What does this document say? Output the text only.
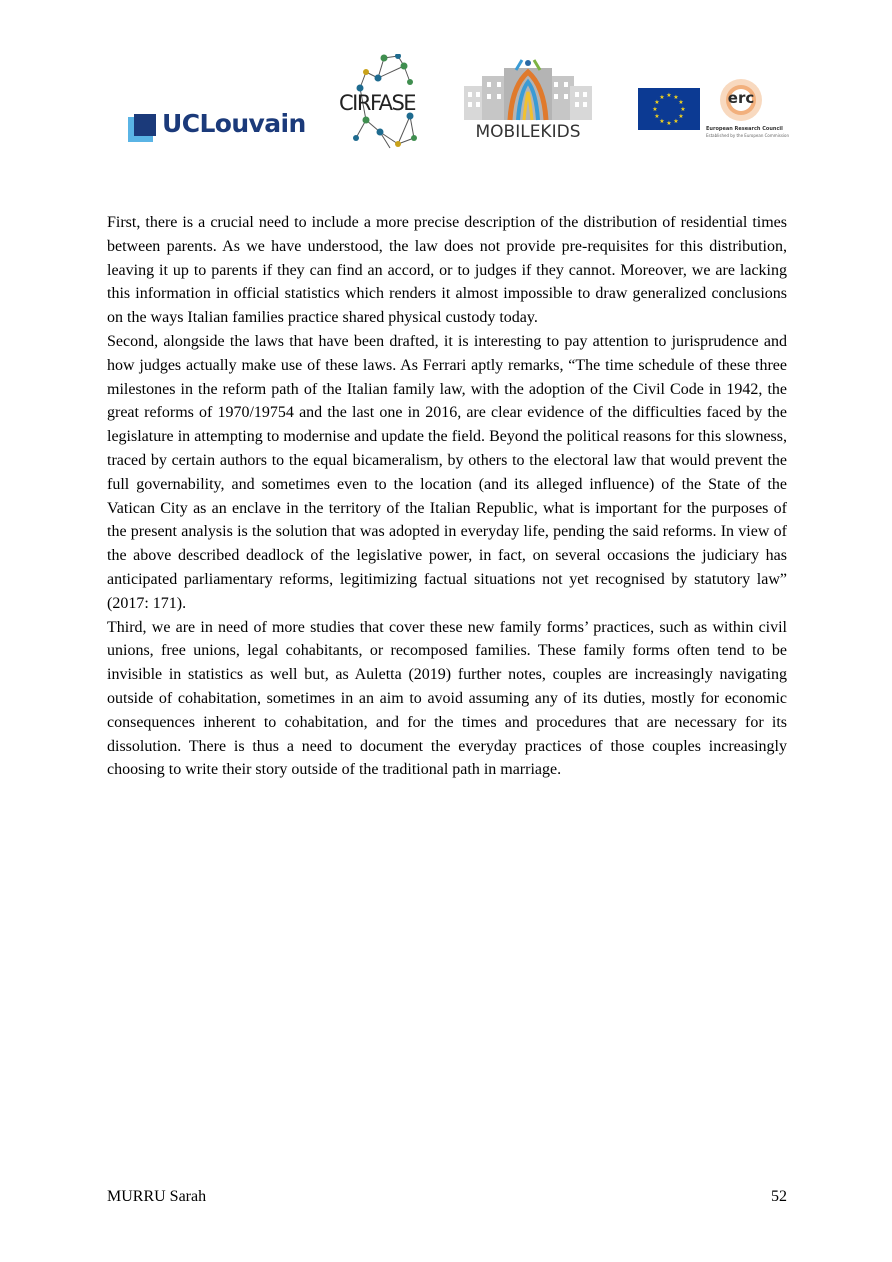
UCLouvain
CIRFASE
MOBILEKIDS
★ ★
★
★
★
★
★
★
★
★
★
★	erc
European Research Council
Established by the European Commission

First, there is a crucial need to include a more precise description of the distribution of residential times between parents. As we have understood, the law does not provide pre-requisites for this distribution, leaving it up to parents if they can find an accord, or to judges if they cannot. Moreover, we are lacking this information in official statistics which renders it almost impossible to draw generalized conclusions on the ways Italian families practice shared physical custody today.

Second, alongside the laws that have been drafted, it is interesting to pay attention to jurisprudence and how judges actually make use of these laws. As Ferrari aptly remarks, “The time schedule of these three milestones in the reform path of the Italian family law, with the adoption of the Civil Code in 1942, the great reforms of 1970/19754 and the last one in 2016, are clear evidence of the difficulties faced by the legislature in attempting to modernise and update the field. Beyond the political reasons for this slowness, traced by certain authors to the equal bicameralism, by others to the electoral law that would prevent the full governability, and sometimes even to the location (and its alleged influence) of the State of the Vatican City as an enclave in the territory of the Italian Republic, what is important for the purposes of the present analysis is the solution that was adopted in everyday life, pending the said reforms. In view of the above described deadlock of the legislative power, in fact, on several occasions the judiciary has anticipated parliamentary reforms, legitimizing factual situations not yet recognised by statutory law” (2017: 171).

Third, we are in need of more studies that cover these new family forms’ practices, such as within civil unions, free unions, legal cohabitants, or recomposed families. These family forms often tend to be invisible in statistics as well but, as Auletta (2019) further notes, couples are increasingly navigating outside of cohabitation, sometimes in an aim to avoid assuming any of its duties, mostly for economic consequences inherent to cohabitation, and for the times and procedures that are necessary for its dissolution. There is thus a need to document the everyday practices of those couples increasingly choosing to write their story outside of the traditional path in marriage.

MURRU Sarah	52
